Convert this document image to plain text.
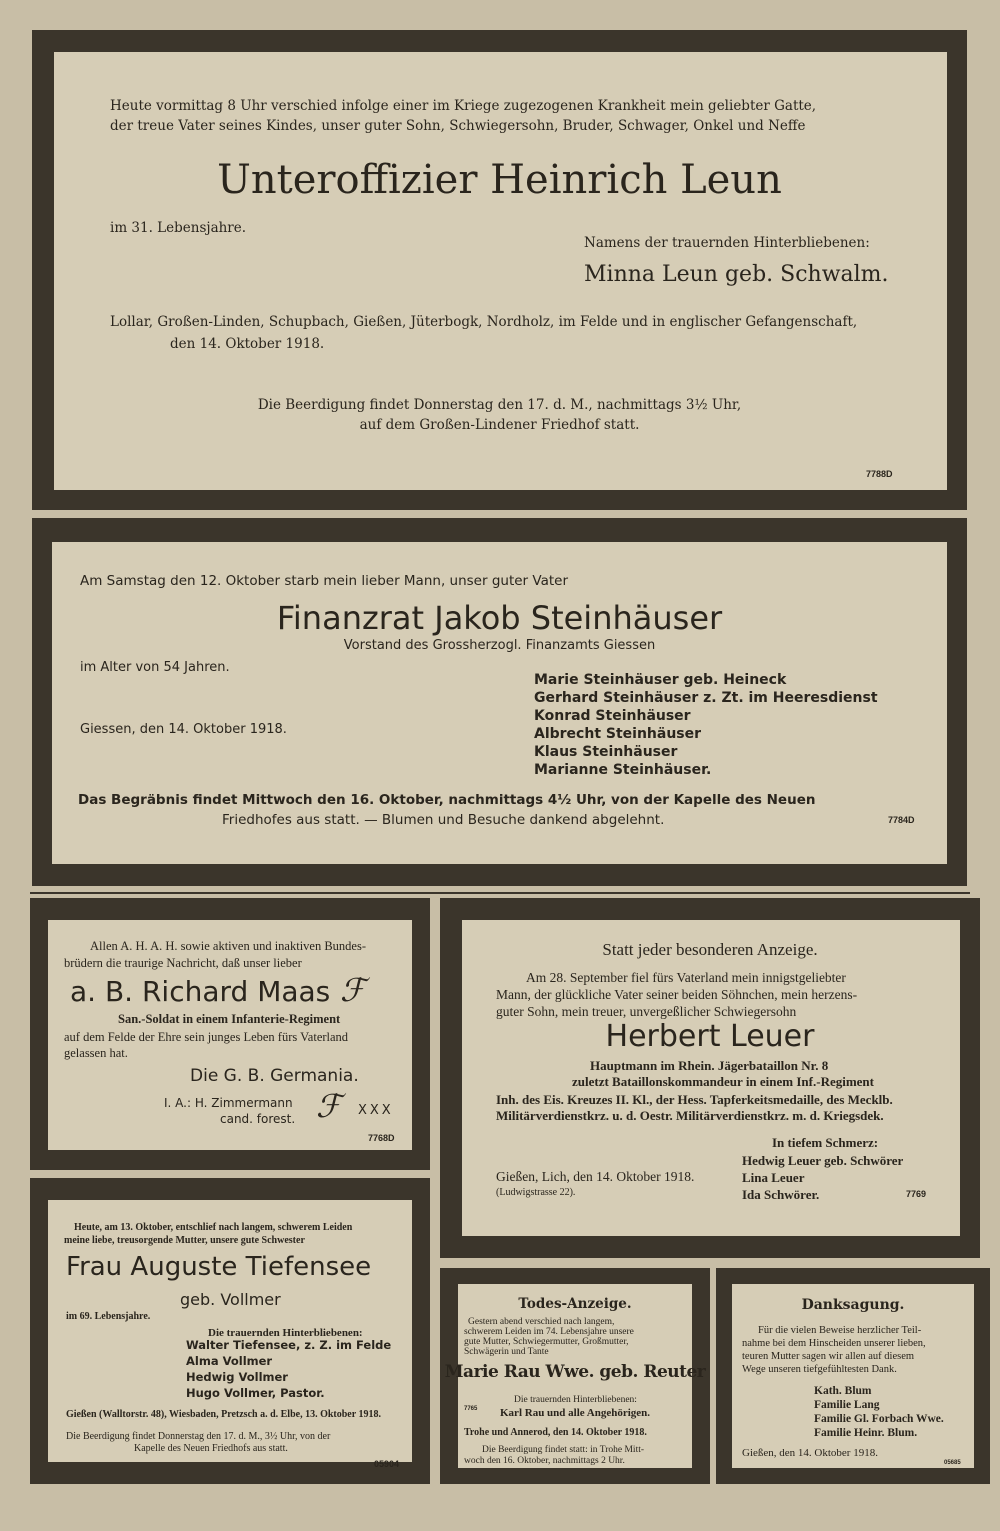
Heute vormittag 8 Uhr verschied infolge einer im Kriege zugezogenen Krankheit mein geliebter Gatte,
der treue Vater seines Kindes, unser guter Sohn, Schwiegersohn, Bruder, Schwager, Onkel und Neffe
Unteroffizier Heinrich Leun
im 31. Lebensjahre.
Namens der trauernden Hinterbliebenen:
Minna Leun geb. Schwalm.
Lollar, Großen-Linden, Schupbach, Gießen, Jüterbogk, Nordholz, im Felde und in englischer Gefangenschaft,
den 14. Oktober 1918.
Die Beerdigung findet Donnerstag den 17. d. M., nachmittags 3½ Uhr,
auf dem Großen-Lindener Friedhof statt.
7788D
Am Samstag den 12. Oktober starb mein lieber Mann, unser guter Vater
Finanzrat Jakob Steinhäuser
Vorstand des Grossherzogl. Finanzamts Giessen
im Alter von 54 Jahren.
Giessen, den 14. Oktober 1918.
Marie Steinhäuser geb. Heineck
Gerhard Steinhäuser z. Zt. im Heeresdienst
Konrad Steinhäuser
Albrecht Steinhäuser
Klaus Steinhäuser
Marianne Steinhäuser.
Das Begräbnis findet Mittwoch den 16. Oktober, nachmittags 4½ Uhr, von der Kapelle des Neuen
Friedhofes aus statt. — Blumen und Besuche dankend abgelehnt.	7784D
Allen A. H. A. H. sowie aktiven und inaktiven Bundes-
brüdern die traurige Nachricht, daß unser lieber
a. B. Richard Maas ℱ
San.-Soldat in einem Infanterie-Regiment
auf dem Felde der Ehre sein junges Leben fürs Vaterland
gelassen hat.
Die G. B. Germania.
I. A.: H. Zimmermann
cand. forest. ℱ XXX
7768D
Statt jeder besonderen Anzeige.
Am 28. September fiel fürs Vaterland mein innigstgeliebter
Mann, der glückliche Vater seiner beiden Söhnchen, mein herzens-
guter Sohn, mein treuer, unvergeßlicher Schwiegersohn
Herbert Leuer
Hauptmann im Rhein. Jägerbataillon Nr. 8
zuletzt Bataillonskommandeur in einem Inf.-Regiment
Inh. des Eis. Kreuzes II. Kl., der Hess. Tapferkeitsmedaille, des Mecklb.
Militärverdienstkrz. u. d. Oestr. Militärverdienstkrz. m. d. Kriegsdek.
In tiefem Schmerz:
Hedwig Leuer geb. Schwörer
Lina Leuer
Ida Schwörer.
Gießen, Lich, den 14. Oktober 1918.
(Ludwigstrasse 22).	7769
Heute, am 13. Oktober, entschlief nach langem, schwerem Leiden
meine liebe, treusorgende Mutter, unsere gute Schwester
Frau Auguste Tiefensee
geb. Vollmer
im 69. Lebensjahre.
Die trauernden Hinterbliebenen:
Walter Tiefensee, z. Z. im Felde
Alma Vollmer
Hedwig Vollmer
Hugo Vollmer, Pastor.
Gießen (Walltorstr. 48), Wiesbaden, Pretzsch a. d. Elbe, 13. Oktober 1918.
Die Beerdigung findet Donnerstag den 17. d. M., 3½ Uhr, von der
Kapelle des Neuen Friedhofs aus statt.
05904
Todes-Anzeige.
Gestern abend verschied nach langem,
schwerem Leiden im 74. Lebensjahre unsere
gute Mutter, Schwiegermutter, Großmutter,
Schwägerin und Tante
Marie Rau Wwe. geb. Reuter
Die trauernden Hinterbliebenen:
Karl Rau und alle Angehörigen.
Trohe und Annerod, den 14. Oktober 1918.
Die Beerdigung findet statt: in Trohe Mitt-
woch den 16. Oktober, nachmittags 2 Uhr.
7765
Danksagung.
Für die vielen Beweise herzlicher Teil-
nahme bei dem Hinscheiden unserer lieben,
teuren Mutter sagen wir allen auf diesem
Wege unseren tiefgefühltesten Dank.
Kath. Blum
Familie Lang
Familie Gl. Forbach Wwe.
Familie Heinr. Blum.
Gießen, den 14. Oktober 1918.
05685
